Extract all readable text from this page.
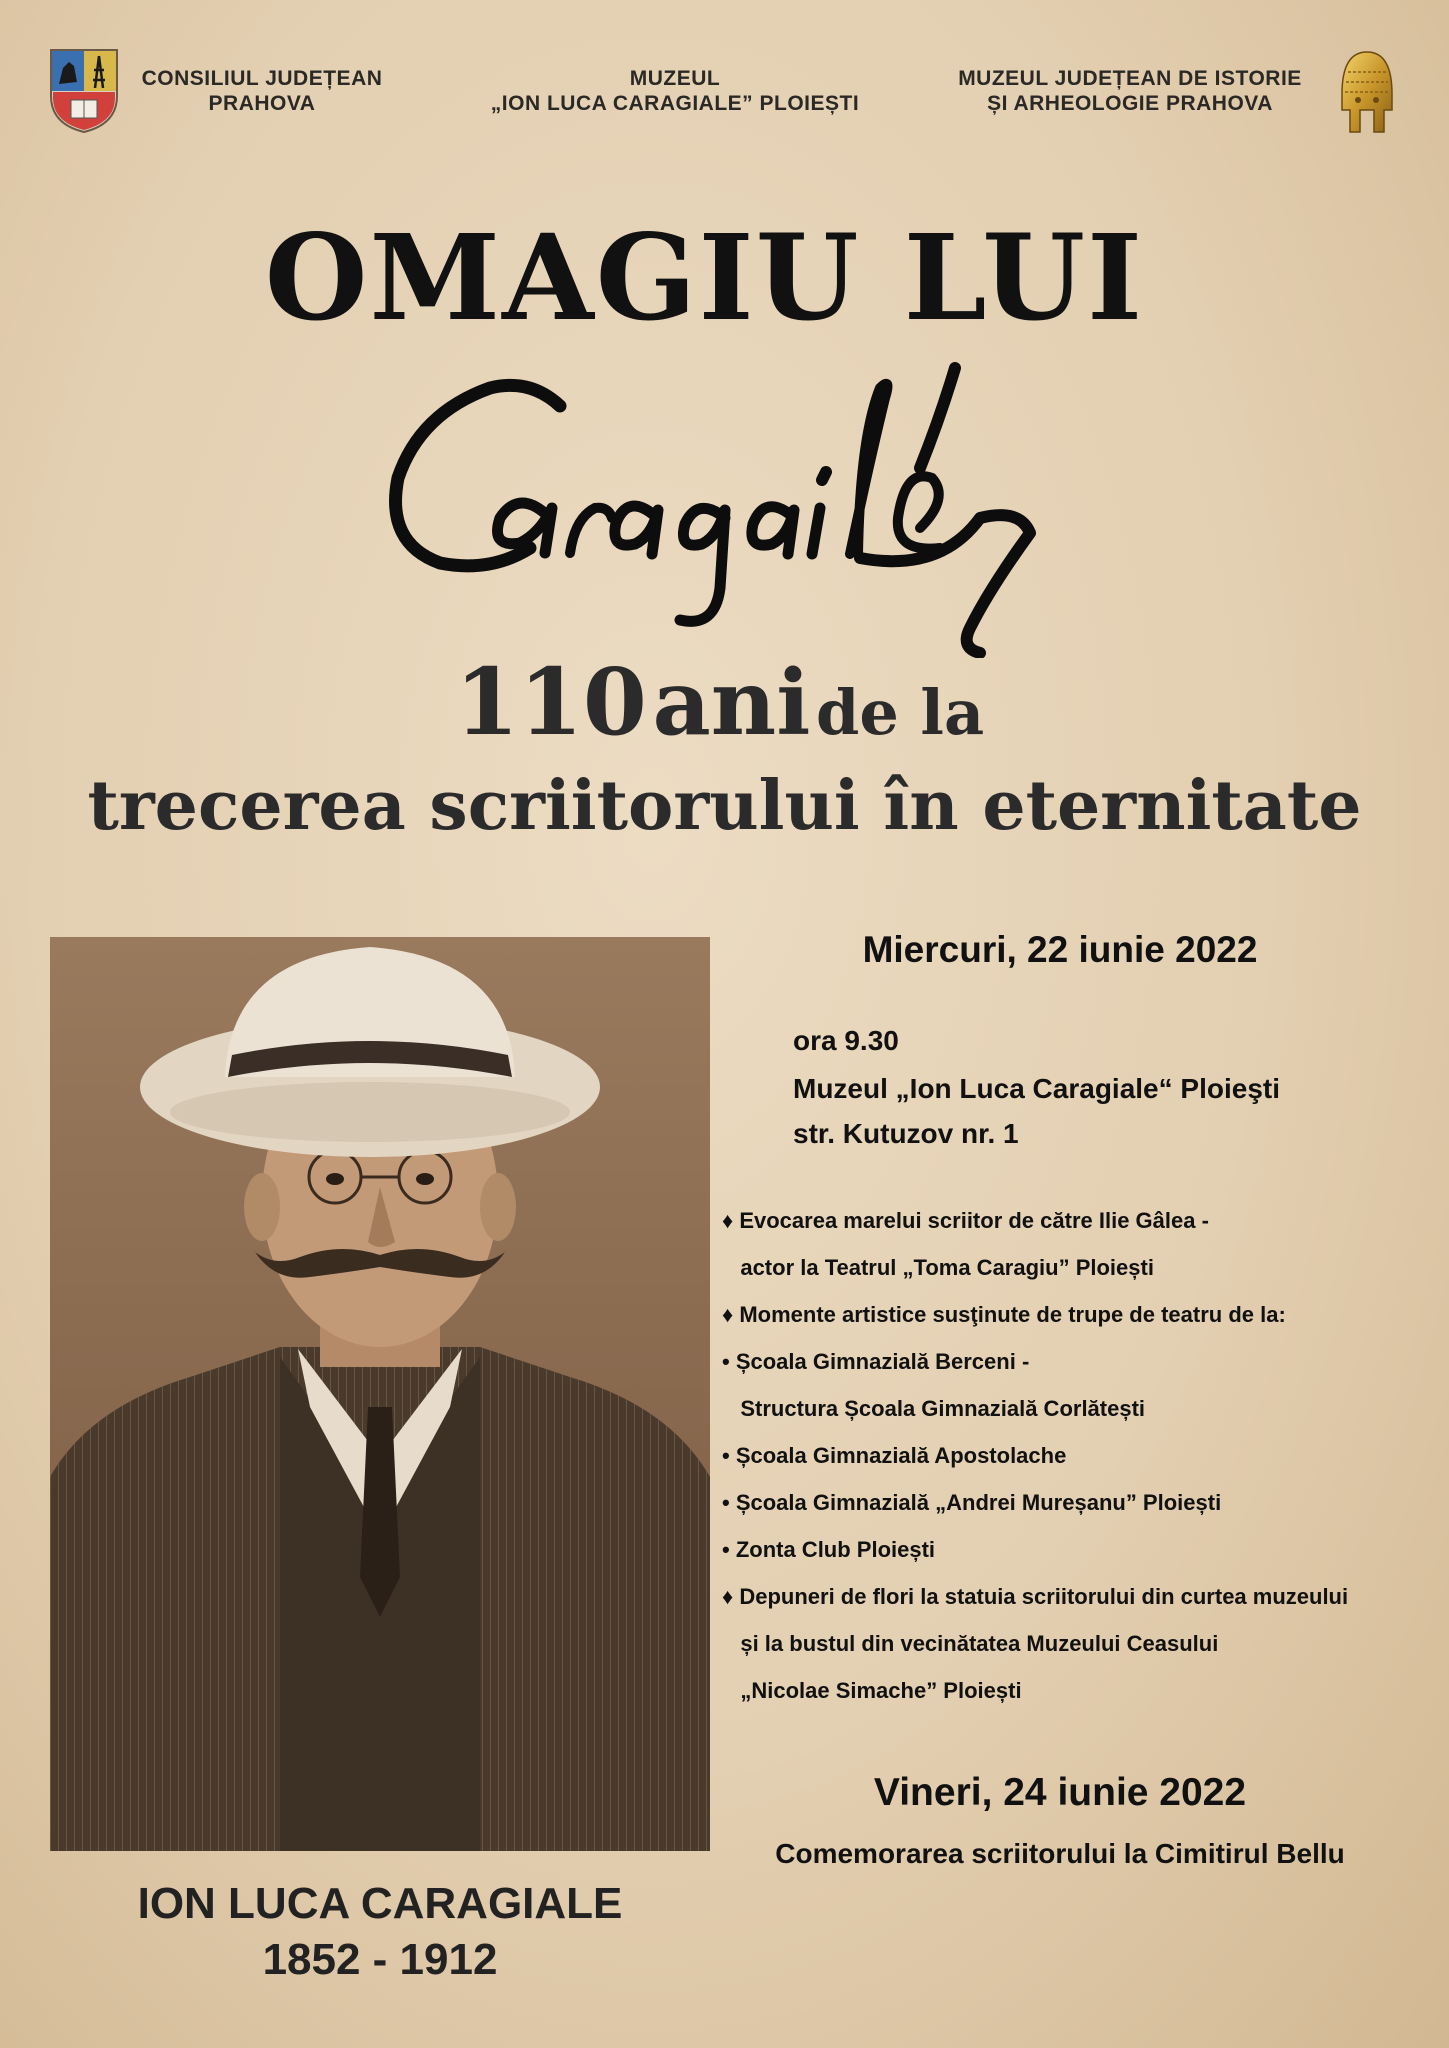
CONSILIUL JUDEȚEAN
PRAHOVA
MUZEUL
„ION LUCA CARAGIALE” PLOIEȘTI
MUZEUL JUDEȚEAN DE ISTORIE
ȘI ARHEOLOGIE PRAHOVA
OMAGIU LUI
110 ani de la
trecerea scriitorului în eternitate
ION LUCA CARAGIALE
1852 - 1912
Miercuri, 22 iunie 2022
ora 9.30
Muzeul „Ion Luca Caragiale“ Ploieşti
str. Kutuzov nr. 1
♦ Evocarea marelui scriitor de către Ilie Gâlea -
actor la Teatrul „Toma Caragiu” Ploiești
♦ Momente artistice susţinute de trupe de teatru de la:
• Școala Gimnazială Berceni -
Structura Școala Gimnazială Corlătești
• Școala Gimnazială Apostolache
• Școala Gimnazială „Andrei Mureșanu” Ploiești
• Zonta Club Ploiești
♦ Depuneri de flori la statuia scriitorului din curtea muzeului
și la bustul din vecinătatea Muzeului Ceasului
„Nicolae Simache” Ploiești
Vineri, 24 iunie 2022
Comemorarea scriitorului la Cimitirul Bellu
